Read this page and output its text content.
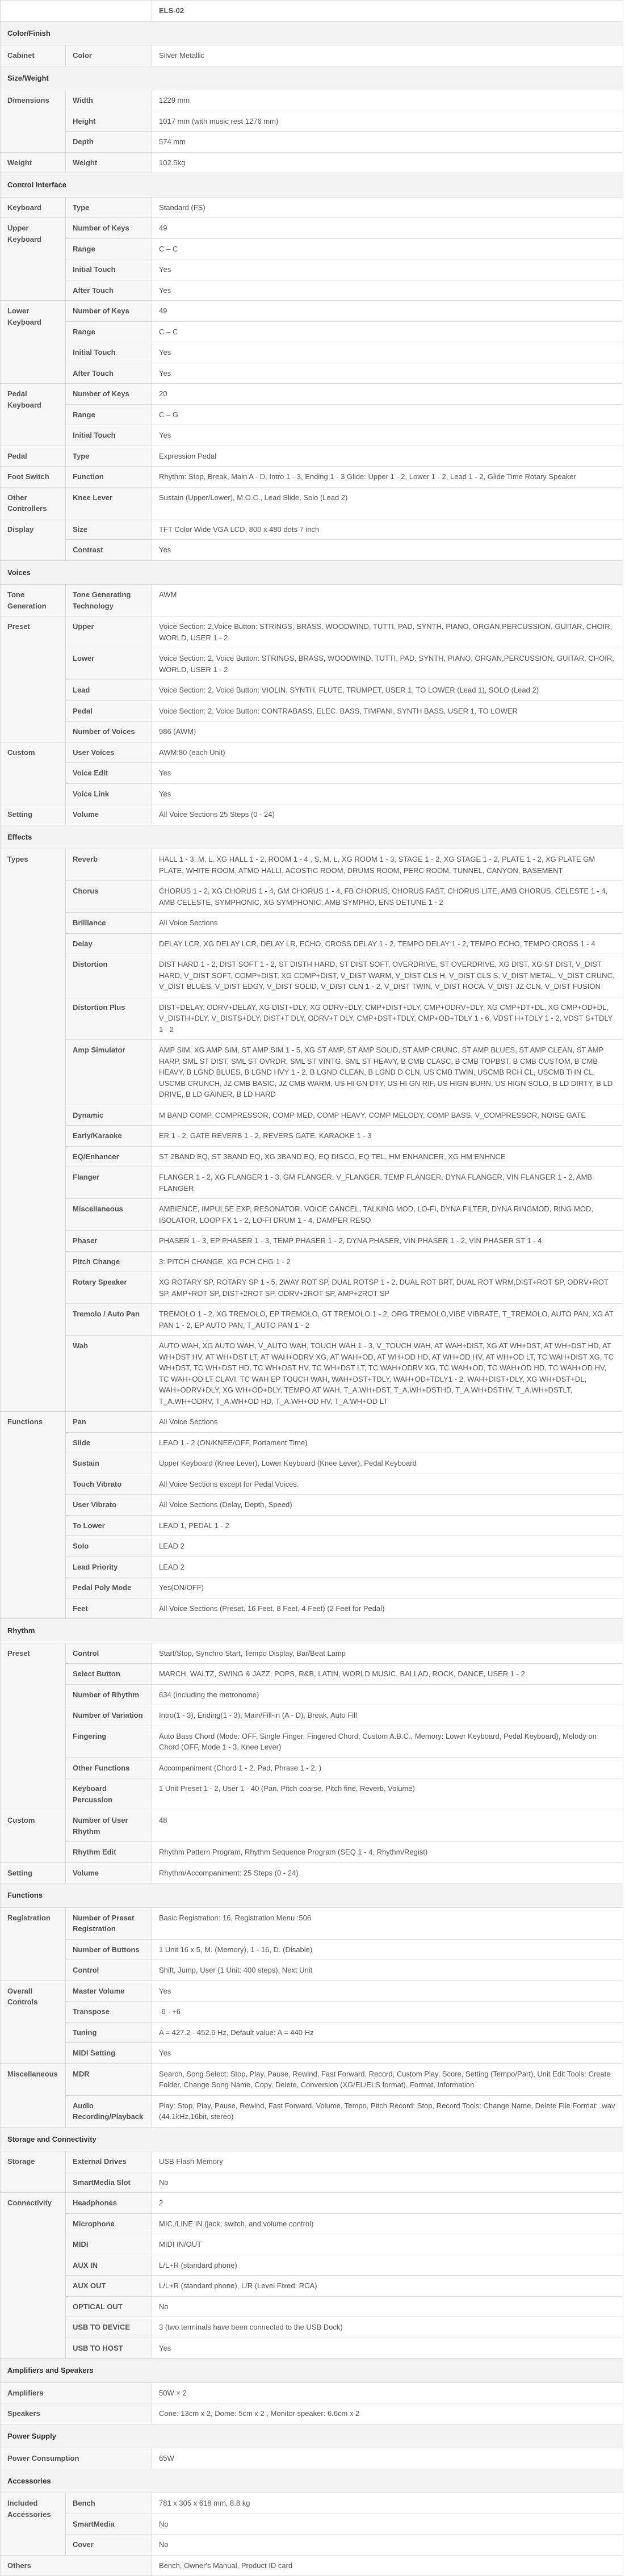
		ELS-02
Color/Finish		
Cabinet	Color	Silver Metallic
Size/Weight		
Dimensions	Width	1229 mm
	Height	1017 mm (with music rest 1276 mm)
	Depth	574 mm
Weight	Weight	102.5kg
Control Interface		
Keyboard	Type	Standard (FS)
Upper Keyboard	Number of Keys	49
	Range	C – C
	Initial Touch	Yes
	After Touch	Yes
Lower Keyboard	Number of Keys	49
	Range	C – C
	Initial Touch	Yes
	After Touch	Yes
Pedal Keyboard	Number of Keys	20
	Range	C – G
	Initial Touch	Yes
Pedal	Type	Expression Pedal
Foot Switch	Function	Rhythm: Stop, Break, Main A - D, Intro 1 - 3, Ending 1 - 3 Glide: Upper 1 - 2, Lower 1 - 2, Lead 1 - 2, Glide Time Rotary Speaker
Other Controllers	Knee Lever	Sustain (Upper/Lower), M.O.C., Lead Slide, Solo (Lead 2)
Display	Size	TFT Color Wide VGA LCD, 800 x 480 dots 7 inch
	Contrast	Yes
Voices		
Tone Generation	Tone Generating Technology	AWM
Preset	Upper	Voice Section: 2,Voice Button: STRINGS, BRASS, WOODWIND, TUTTI, PAD, SYNTH, PIANO, ORGAN,PERCUSSION, GUITAR, CHOIR, WORLD, USER 1 - 2
	Lower	Voice Section: 2, Voice Button: STRINGS, BRASS, WOODWIND, TUTTI, PAD, SYNTH, PIANO, ORGAN,PERCUSSION, GUITAR, CHOIR, WORLD, USER 1 - 2
	Lead	Voice Section: 2, Voice Button: VIOLIN, SYNTH, FLUTE, TRUMPET, USER 1, TO LOWER (Lead 1), SOLO (Lead 2)
	Pedal	Voice Section: 2, Voice Button: CONTRABASS, ELEC. BASS, TIMPANI, SYNTH BASS, USER 1, TO LOWER
	Number of Voices	986 (AWM)
Custom	User Voices	AWM:80 (each Unit)
	Voice Edit	Yes
	Voice Link	Yes
Setting	Volume	All Voice Sections 25 Steps (0 - 24)
Effects		
Types	Reverb	HALL 1 - 3, M, L, XG HALL 1 - 2, ROOM 1 - 4 , S, M, L, XG ROOM 1 - 3, STAGE 1 - 2, XG STAGE 1 - 2, PLATE 1 - 2, XG PLATE GM PLATE, WHITE ROOM, ATMO HALLI, ACOSTIC ROOM, DRUMS ROOM, PERC ROOM, TUNNEL, CANYON, BASEMENT
	Chorus	CHORUS 1 - 2, XG CHORUS 1 - 4, GM CHORUS 1 - 4, FB CHORUS, CHORUS FAST, CHORUS LITE, AMB CHORUS, CELESTE 1 - 4, AMB CELESTE, SYMPHONIC, XG SYMPHONIC, AMB SYMPHO, ENS DETUNE 1 - 2
	Brilliance	All Voice Sections
	Delay	DELAY LCR, XG DELAY LCR, DELAY LR, ECHO, CROSS DELAY 1 - 2, TEMPO DELAY 1 - 2, TEMPO ECHO, TEMPO CROSS 1 - 4
	Distortion	DIST HARD 1 - 2, DIST SOFT 1 - 2, ST DISTH HARD, ST DIST SOFT, OVERDRIVE, ST OVERDRIVE, XG DIST, XG ST DIST, V_DIST HARD, V_DIST SOFT, COMP+DIST, XG COMP+DIST, V_DIST WARM, V_DIST CLS H, V_DIST CLS S, V_DIST METAL, V_DIST CRUNC, V_DIST BLUES, V_DIST EDGY, V_DIST SOLID, V_DIST CLN 1 - 2, V_DIST TWIN, V_DIST ROCA, V_DIST JZ CLN, V_DIST FUSION
	Distortion Plus	DIST+DELAY, ODRV+DELAY, XG DIST+DLY, XG ODRV+DLY, CMP+DIST+DLY, CMP+ODRV+DLY, XG CMP+DT+DL, XG CMP+OD+DL, V_DISTH+DLY, V_DISTS+DLY, DIST+T DLY, ODRV+T DLY, CMP+DST+TDLY, CMP+OD+TDLY 1 - 6, VDST H+TDLY 1 - 2, VDST S+TDLY 1 - 2
	Amp Simulator	AMP SIM, XG AMP SIM, ST AMP SIM 1 - 5, XG ST AMP, ST AMP SOLID, ST AMP CRUNC, ST AMP BLUES, ST AMP CLEAN, ST AMP HARP, SML ST DIST, SML ST OVRDR, SML ST VINTG, SML ST HEAVY, B CMB CLASC, B CMB TOPBST, B CMB CUSTOM, B CMB HEAVY, B LGND BLUES, B LGND HVY 1 - 2, B LGND CLEAN, B LGND D CLN, US CMB TWIN, USCMB RCH CL, USCMB THN CL, USCMB CRUNCH, JZ CMB BASIC, JZ CMB WARM, US HI GN DTY, US HI GN RIF, US HIGN BURN, US HIGN SOLO, B LD DIRTY, B LD DRIVE, B LD GAINER, B LD HARD
	Dynamic	M BAND COMP, COMPRESSOR, COMP MED, COMP HEAVY, COMP MELODY, COMP BASS, V_COMPRESSOR, NOISE GATE
	Early/Karaoke	ER 1 - 2, GATE REVERB 1 - 2, REVERS GATE, KARAOKE 1 - 3
	EQ/Enhancer	ST 2BAND EQ, ST 3BAND EQ, XG 3BAND EQ, EQ DISCO, EQ TEL, HM ENHANCER, XG HM ENHNCE
	Flanger	FLANGER 1 - 2, XG FLANGER 1 - 3, GM FLANGER, V_FLANGER, TEMP FLANGER, DYNA FLANGER, VIN FLANGER 1 - 2, AMB FLANGER
	Miscellaneous	AMBIENCE, IMPULSE EXP, RESONATOR, VOICE CANCEL, TALKING MOD, LO-FI, DYNA FILTER, DYNA RINGMOD, RING MOD, ISOLATOR, LOOP FX 1 - 2, LO-FI DRUM 1 - 4, DAMPER RESO
	Phaser	PHASER 1 - 3, EP PHASER 1 - 3, TEMP PHASER 1 - 2, DYNA PHASER, VIN PHASER 1 - 2, VIN PHASER ST 1 - 4
	Pitch Change	3: PITCH CHANGE, XG PCH CHG 1 - 2
	Rotary Speaker	XG ROTARY SP, ROTARY SP 1 - 5, 2WAY ROT SP, DUAL ROTSP 1 - 2, DUAL ROT BRT, DUAL ROT WRM,DIST+ROT SP, ODRV+ROT SP, AMP+ROT SP, DIST+2ROT SP, ODRV+2ROT SP, AMP+2ROT SP
	Tremolo / Auto Pan	TREMOLO 1 - 2, XG TREMOLO, EP TREMOLO, GT TREMOLO 1 - 2, ORG TREMOLO,VIBE VIBRATE, T_TREMOLO, AUTO PAN, XG AT PAN 1 - 2, EP AUTO PAN, T_AUTO PAN 1 - 2
	Wah	AUTO WAH, XG AUTO WAH, V_AUTO WAH, TOUCH WAH 1 - 3, V_TOUCH WAH, AT WAH+DIST, XG AT WH+DST, AT WH+DST HD, AT WH+DST HV, AT WH+DST LT, AT WAH+ODRV XG, AT WAH+OD, AT WH+OD HD, AT WH+OD HV, AT WH+OD LT, TC WAH+DIST XG, TC WH+DST, TC WH+DST HD, TC WH+DST HV, TC WH+DST LT, TC WAH+ODRV XG, TC WAH+OD, TC WAH+OD HD, TC WAH+OD HV, TC WAH+OD LT CLAVI, TC WAH EP TOUCH WAH, WAH+DST+TDLY, WAH+OD+TDLY1 - 2, WAH+DIST+DLY, XG WH+DST+DL, WAH+ODRV+DLY, XG WH+OD+DLY, TEMPO AT WAH, T_A.WH+DST, T_A.WH+DSTHD, T_A.WH+DSTHV, T_A.WH+DSTLT, T_A.WH+ODRV, T_A.WH+OD HD, T_A.WH+OD HV, T_A.WH+OD LT
Functions	Pan	All Voice Sections
	Slide	LEAD 1 - 2 (ON/KNEE/OFF, Portament Time)
	Sustain	Upper Keyboard (Knee Lever), Lower Keyboard (Knee Lever), Pedal Keyboard
	Touch Vibrato	All Voice Sections except for Pedal Voices.
	User Vibrato	All Voice Sections (Delay, Depth, Speed)
	To Lower	LEAD 1, PEDAL 1 - 2
	Solo	LEAD 2
	Lead Priority	LEAD 2
	Pedal Poly Mode	Yes(ON/OFF)
	Feet	All Voice Sections (Preset, 16 Feet, 8 Feet, 4 Feet) (2 Feet for Pedal)
Rhythm		
Preset	Control	Start/Stop, Synchro Start, Tempo Display, Bar/Beat Lamp
	Select Button	MARCH, WALTZ, SWING & JAZZ, POPS, R&B, LATIN, WORLD MUSIC, BALLAD, ROCK, DANCE, USER 1 - 2
	Number of Rhythm	634 (including the metronome)
	Number of Variation	Intro(1 - 3), Ending(1 - 3), Main/Fill-in (A - D), Break, Auto Fill
	Fingering	Auto Bass Chord (Mode: OFF, Single Finger, Fingered Chord, Custom A.B.C., Memory: Lower Keyboard, Pedal Keyboard), Melody on Chord (OFF, Mode 1 - 3, Knee Lever)
	Other Functions	Accompaniment (Chord 1 - 2, Pad, Phrase 1 - 2, )
	Keyboard Percussion	1 Unit Preset 1 - 2, User 1 - 40 (Pan, Pitch coarse, Pitch fine, Reverb, Volume)
Custom	Number of User Rhythm	48
	Rhythm Edit	Rhythm Pattern Program, Rhythm Sequence Program (SEQ 1 - 4, Rhythm/Regist)
Setting	Volume	Rhythm/Accompaniment: 25 Steps (0 - 24)
Functions		
Registration	Number of Preset Registration	Basic Registration: 16, Registration Menu :506
	Number of Buttons	1 Unit 16 x 5, M. (Memory), 1 - 16, D. (Disable)
	Control	Shift, Jump, User (1 Unit: 400 steps), Next Unit
Overall Controls	Master Volume	Yes
	Transpose	-6 - +6
	Tuning	A = 427.2 - 452.6 Hz, Default value: A = 440 Hz
	MIDI Setting	Yes
Miscellaneous	MDR	Search, Song Select: Stop, Play, Pause, Rewind, Fast Forward, Record, Custom Play, Score, Setting (Tempo/Part), Unit Edit Tools: Create Folder, Change Song Name, Copy, Delete, Conversion (XG/EL/ELS format), Format, Information
	Audio Recording/Playback	Play: Stop, Play, Pause, Rewind, Fast Forward, Volume, Tempo, Pitch Record: Stop, Record Tools: Change Name, Delete File Format: .wav (44.1kHz,16bit, stereo)
Storage and Connectivity		
Storage	External Drives	USB Flash Memory
	SmartMedia Slot	No
Connectivity	Headphones	2
	Microphone	MIC./LINE IN (jack, switch, and volume control)
	MIDI	MIDI IN/OUT
	AUX IN	L/L+R (standard phone)
	AUX OUT	L/L+R (standard phone), L/R (Level Fixed: RCA)
	OPTICAL OUT	No
	USB TO DEVICE	3 (two terminals have been connected to the USB Dock)
	USB TO HOST	Yes
Amplifiers and Speakers		
Amplifiers		50W × 2
Speakers		Cone: 13cm x 2, Dome: 5cm x 2 , Monitor speaker: 6.6cm x 2
Power Supply		
Power Consumption		65W
Accessories		
Included Accessories	Bench	781 x 305 x 618 mm, 8.8 kg
	SmartMedia	No
	Cover	No
Others		Bench, Owner's Manual, Product ID card
